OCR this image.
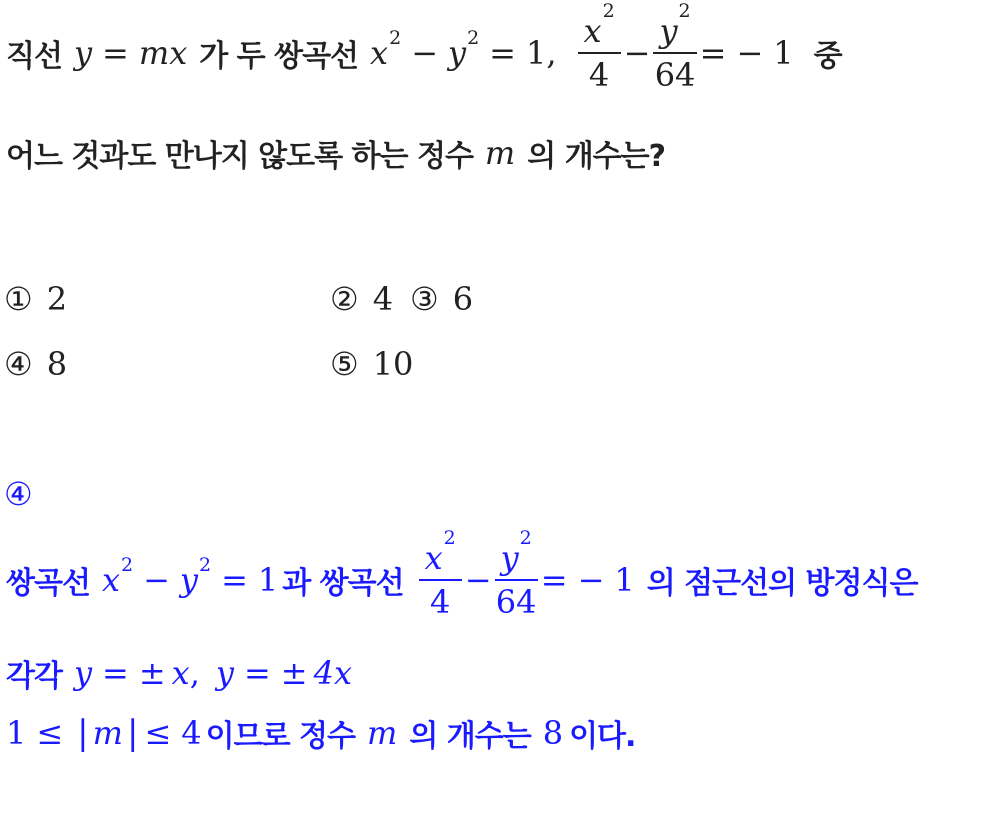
직선 y = mx 가 두 쌍곡선 x 2 − y 2 = 1 , x
2
4 − y
2
64 = − 1 중
어느 것과도 만나지 않도록 하는 정수 m 의 개수는?
① 2	② 4 ③ 6
④ 8	⑤ 10
④
쌍곡선 x 2 − y 2 = 1 과 쌍곡선 x
2
4 − y
2
64 = − 1 의 점근선의 방정식은
각각 y = ± x , y = ± 4x
1 ≤ | m | ≤ 4 이므로 정수 m 의 개수는 8 이다.
